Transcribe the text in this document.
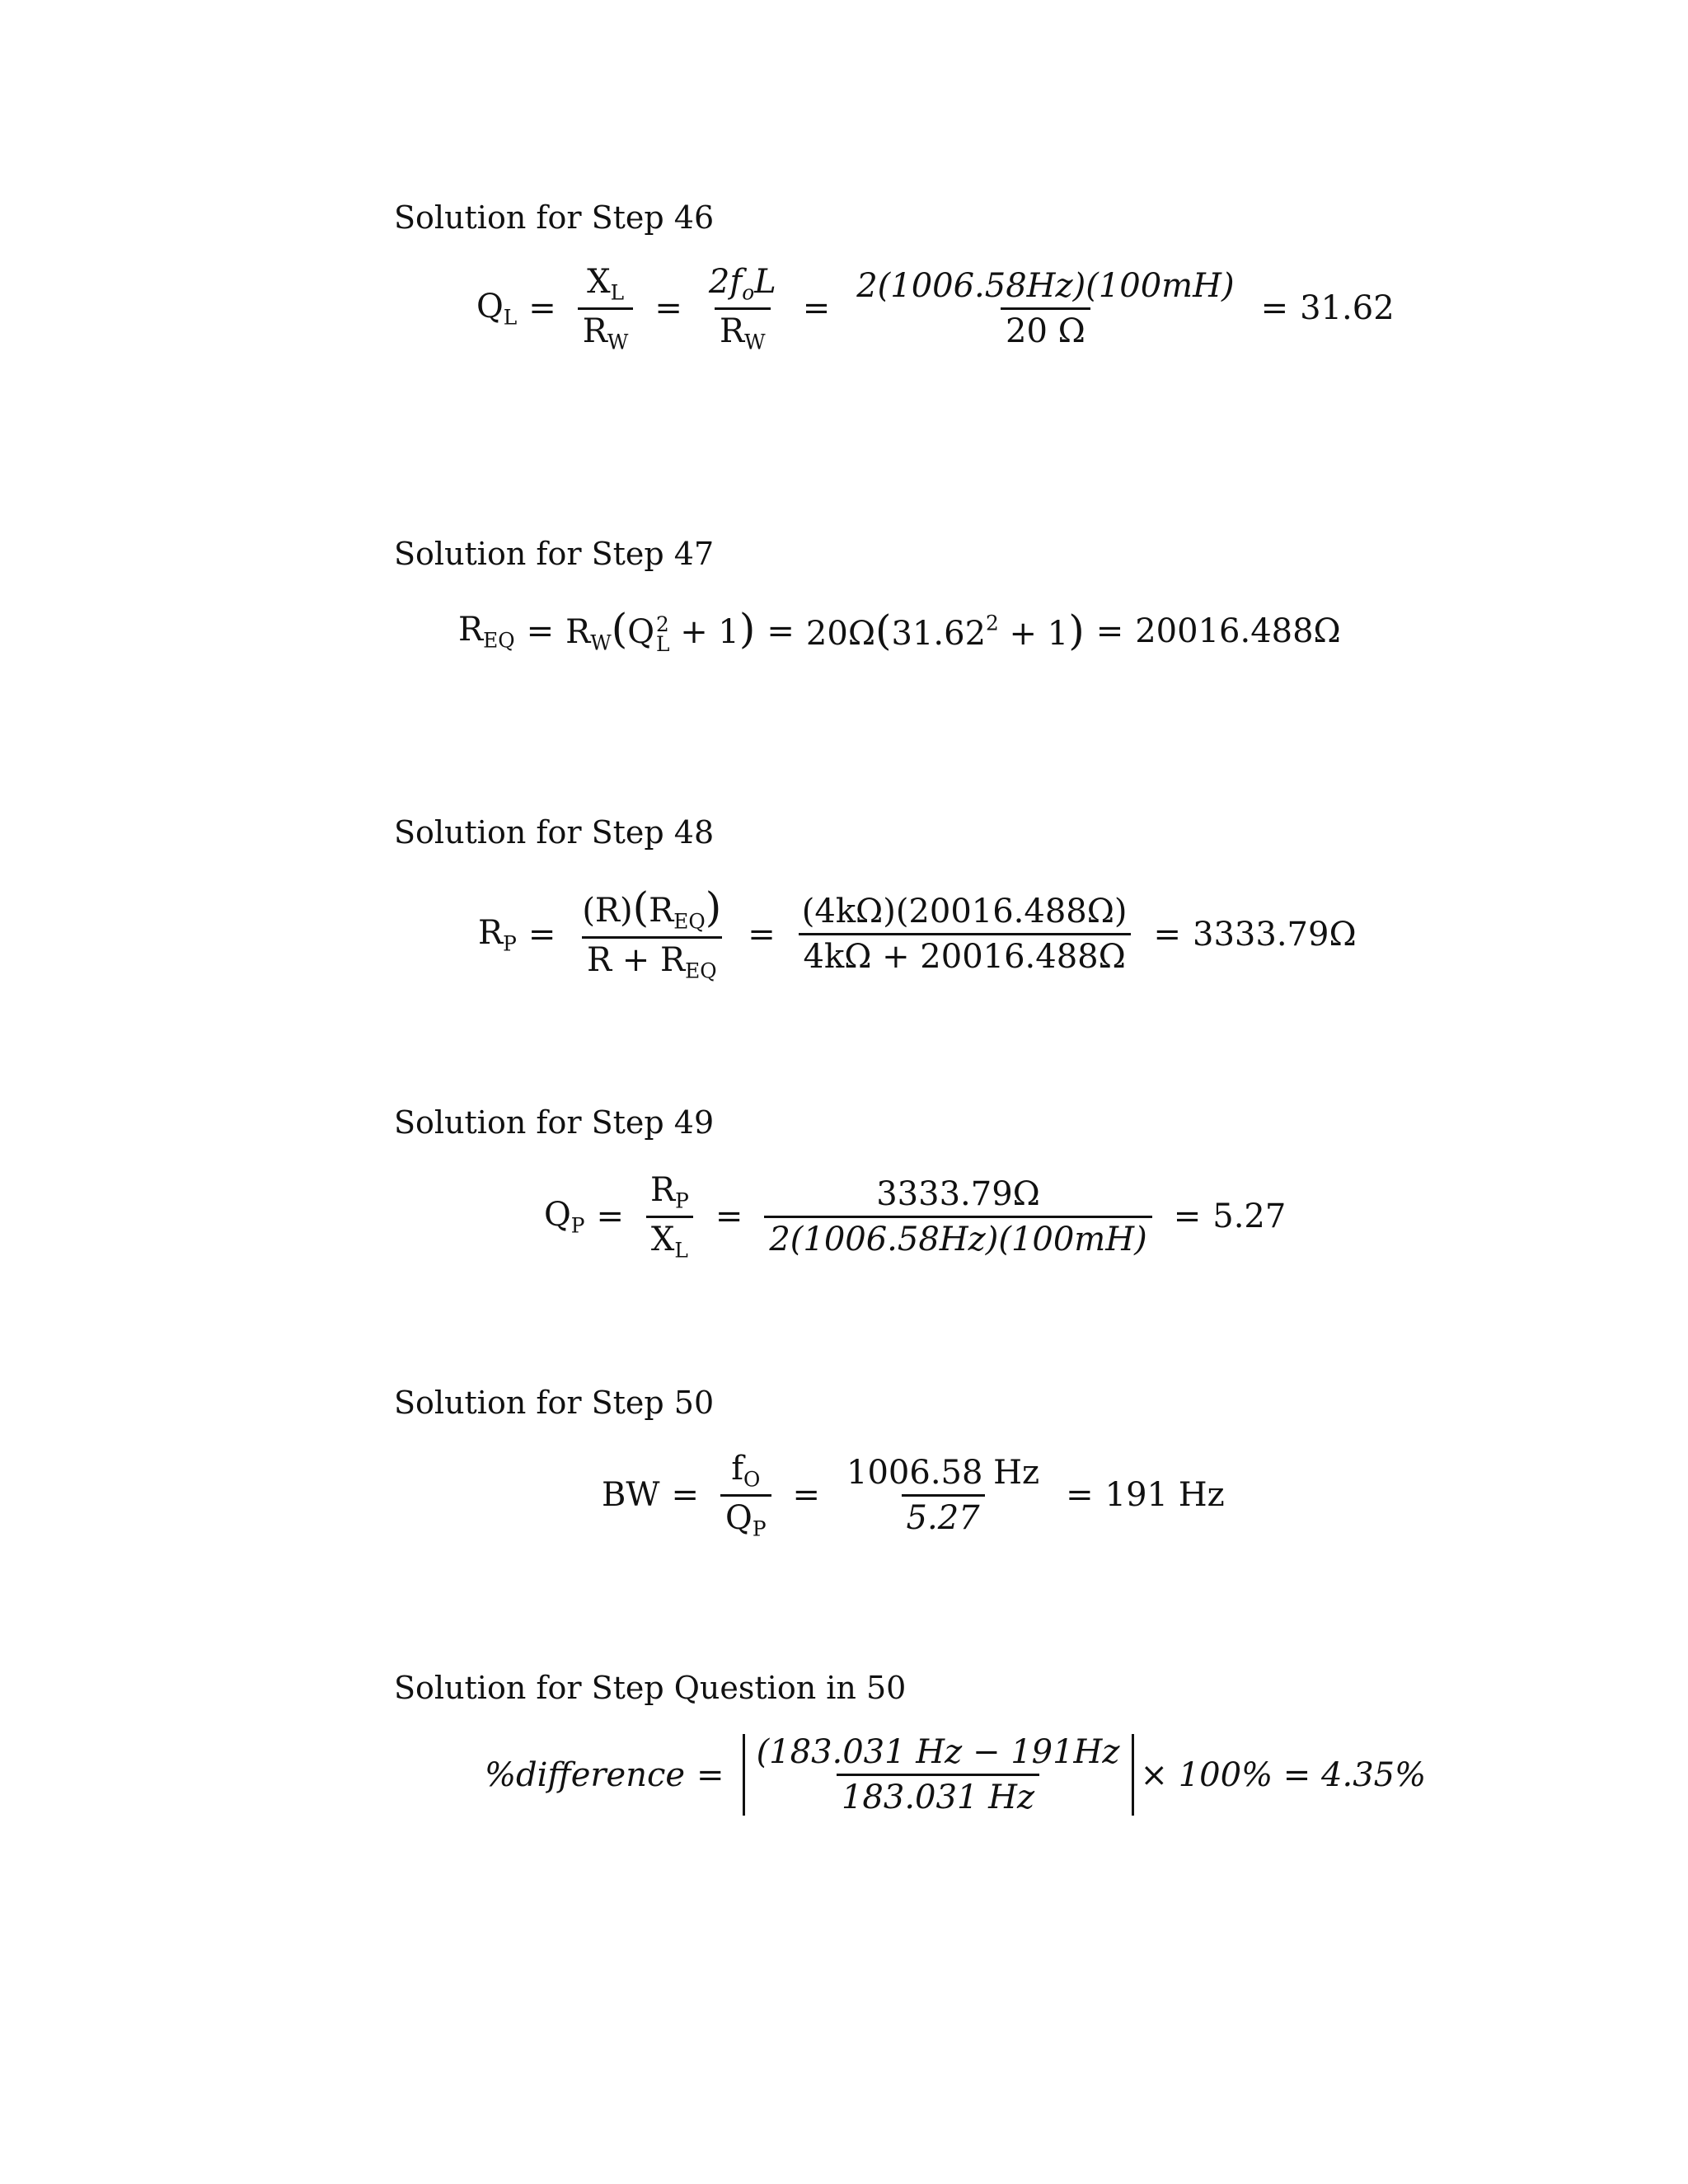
Solution for Step 46
$Q_L = \frac{X_L}{R_W} = \frac{2f_oL}{R_W} = \frac{2(1006.58Hz)(100mH)}{20 \Omega} = 31.62$
Solution for Step 47
$R_{EQ} = R_W(Q$ 2
$L + 1) = 20\Omega(31.62^2 + 1) = 20016.488\Omega$
Solution for Step 48
$R_P = \frac{(R)(R_{EQ})}{R + R_{EQ}} = \frac{(4k\Omega)(20016.488\Omega)}{4k\Omega + 20016.488\Omega} = 3333.79\Omega$
Solution for Step 49
$Q_P = \frac{R_P}{X_L} = \frac{3333.79\Omega}{2(1006.58Hz)(100mH)} = 5.27$
Solution for Step 50
BW = $\frac{f_O}{Q_P} = \frac{1006.58 Hz}{5.27} = 191$ Hz
Solution for Step Question in 50
%difference = $\frac{(183.031 Hz - 191Hz}{183.031 Hz} \times 100\% = 4.35\%$
